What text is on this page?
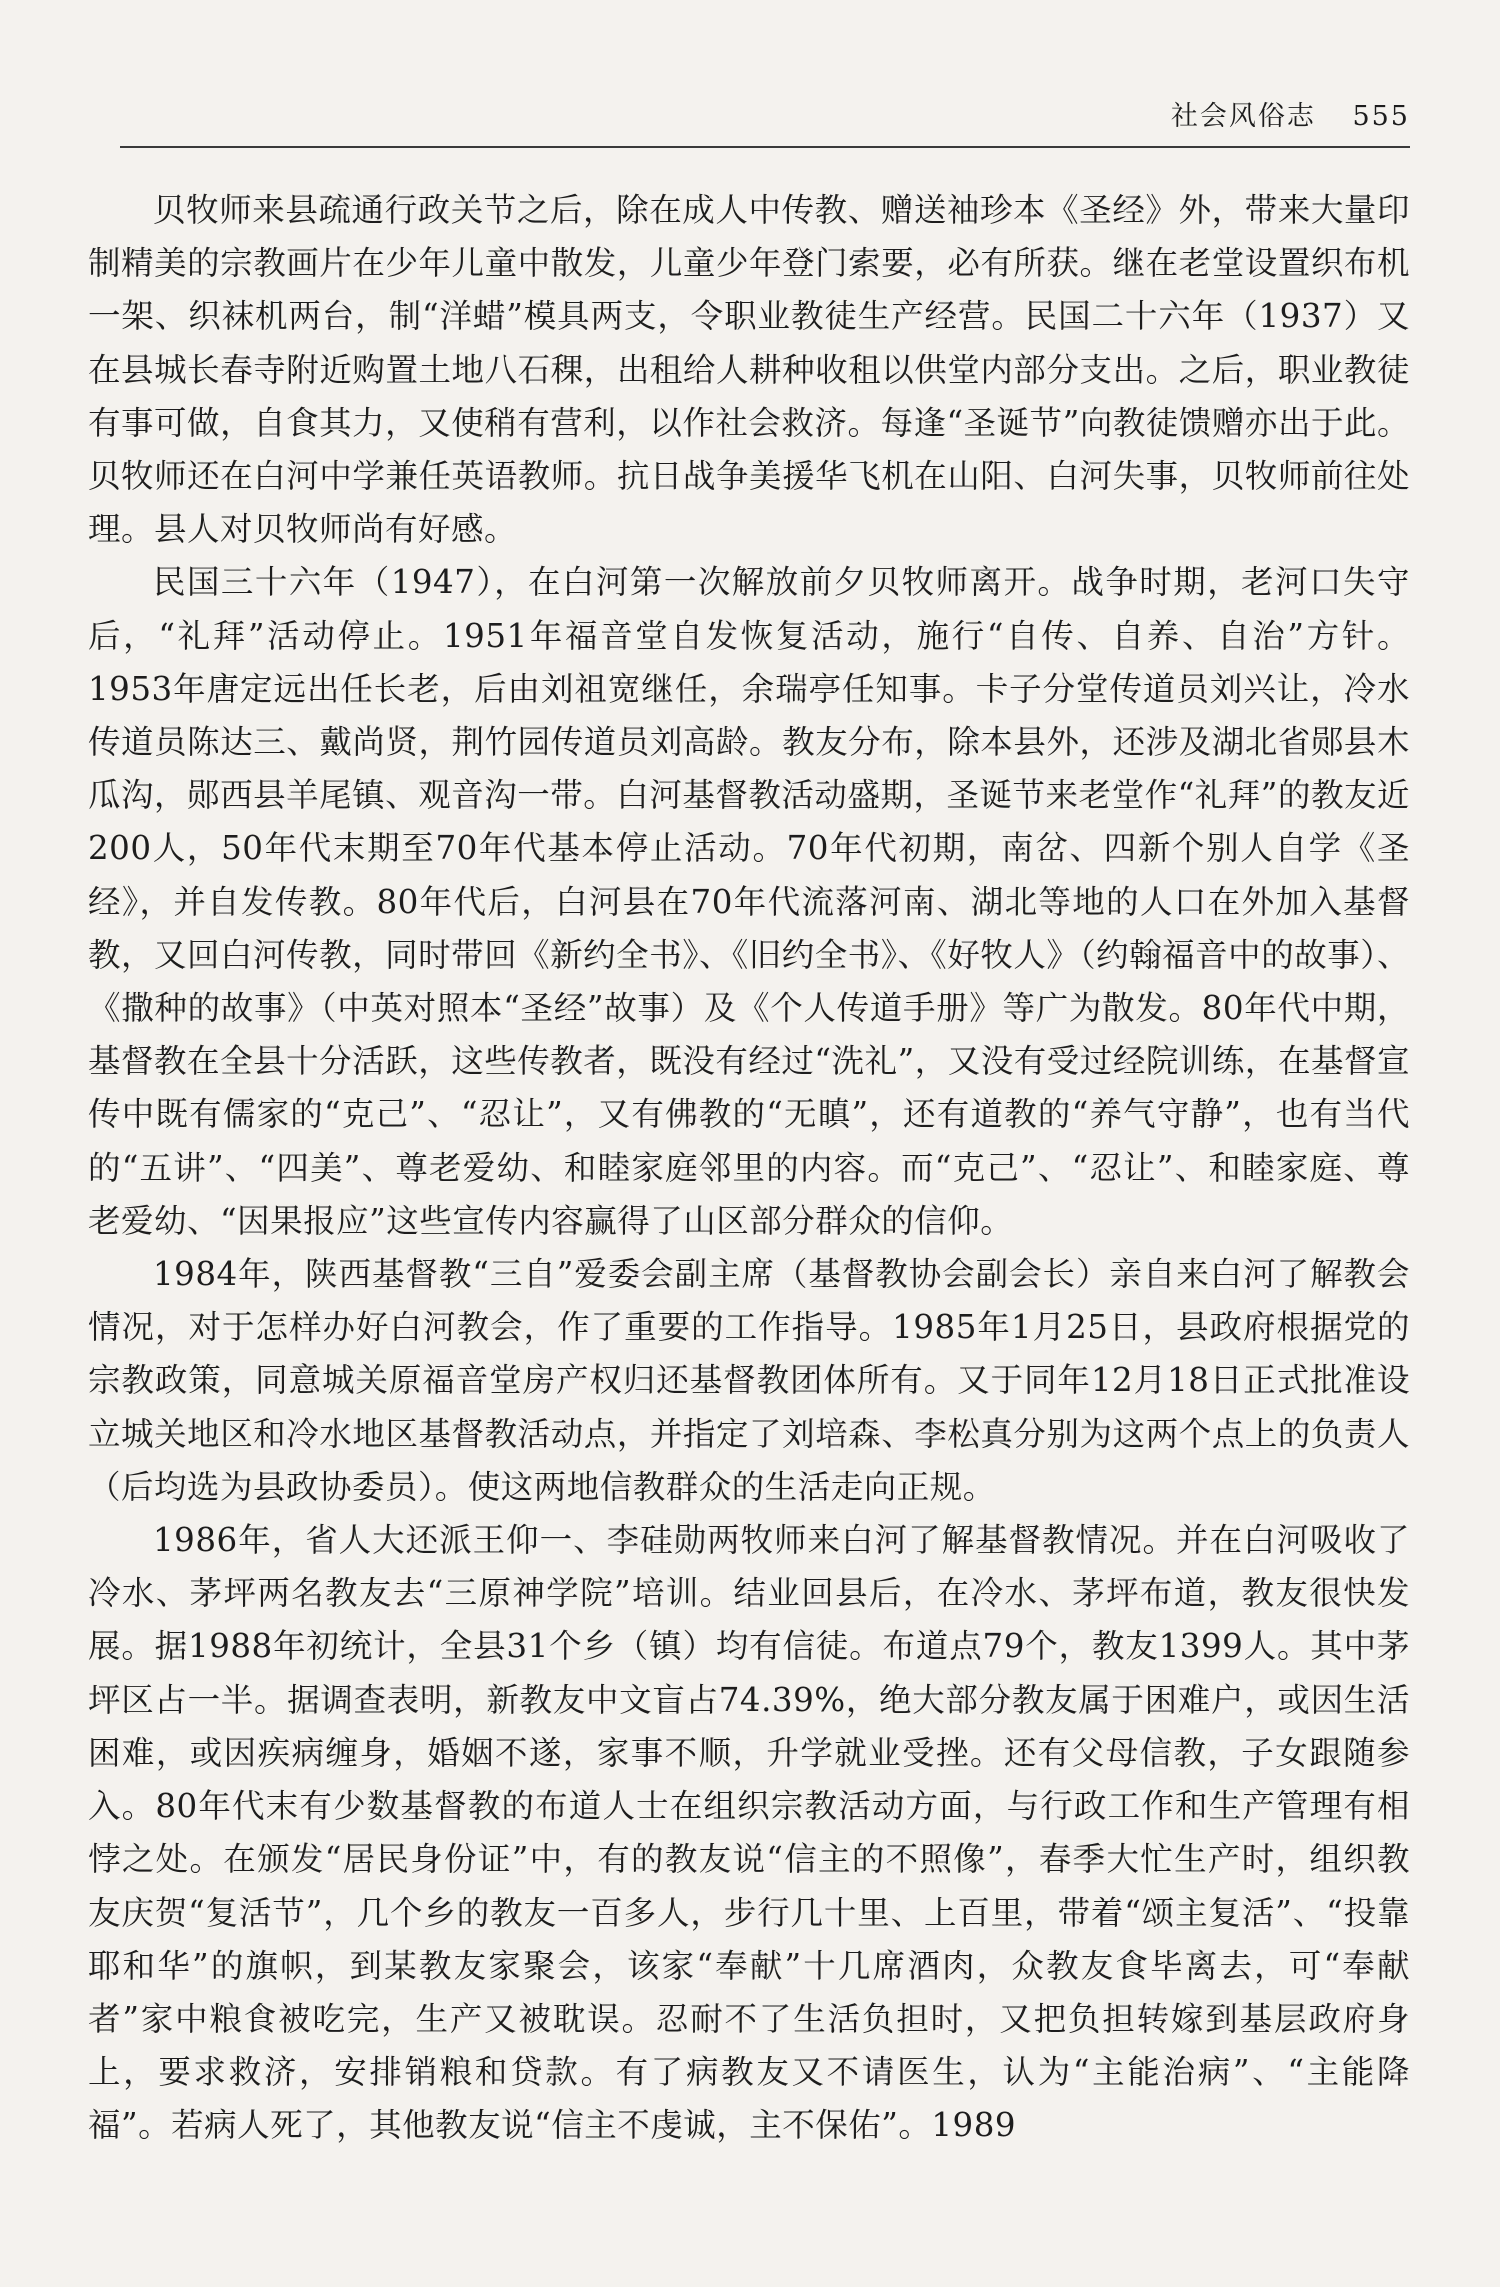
社会风俗志 555

贝牧师来县疏通行政关节之后，除在成人中传教、赠送袖珍本《圣经》外，带来大量印制精美的宗教画片在少年儿童中散发，儿童少年登门索要，必有所获。继在老堂设置织布机一架、织袜机两台，制“洋蜡”模具两支，令职业教徒生产经营。民国二十六年（1937）又在县城长春寺附近购置土地八石稞，出租给人耕种收租以供堂内部分支出。之后，职业教徒有事可做，自食其力，又使稍有营利，以作社会救济。每逢“圣诞节”向教徒馈赠亦出于此。贝牧师还在白河中学兼任英语教师。抗日战争美援华飞机在山阳、白河失事，贝牧师前往处理。县人对贝牧师尚有好感。

民国三十六年（1947），在白河第一次解放前夕贝牧师离开。战争时期，老河口失守后，“礼拜”活动停止。1951年福音堂自发恢复活动，施行“自传、自养、自治”方针。1953年唐定远出任长老，后由刘祖宽继任，余瑞亭任知事。卡子分堂传道员刘兴让，冷水传道员陈达三、戴尚贤，荆竹园传道员刘高龄。教友分布，除本县外，还涉及湖北省郧县木瓜沟，郧西县羊尾镇、观音沟一带。白河基督教活动盛期，圣诞节来老堂作“礼拜”的教友近200人，50年代末期至70年代基本停止活动。70年代初期，南岔、四新个别人自学《圣经》，并自发传教。80年代后，白河县在70年代流落河南、湖北等地的人口在外加入基督教，又回白河传教，同时带回《新约全书》、《旧约全书》、《好牧人》（约翰福音中的故事）、《撒种的故事》（中英对照本“圣经”故事）及《个人传道手册》等广为散发。80年代中期，基督教在全县十分活跃，这些传教者，既没有经过“洗礼”，又没有受过经院训练，在基督宣传中既有儒家的“克己”、“忍让”，又有佛教的“无瞋”，还有道教的“养气守静”，也有当代的“五讲”、“四美”、尊老爱幼、和睦家庭邻里的内容。而“克己”、“忍让”、和睦家庭、尊老爱幼、“因果报应”这些宣传内容赢得了山区部分群众的信仰。

1984年，陕西基督教“三自”爱委会副主席（基督教协会副会长）亲自来白河了解教会情况，对于怎样办好白河教会，作了重要的工作指导。1985年1月25日，县政府根据党的宗教政策，同意城关原福音堂房产权归还基督教团体所有。又于同年12月18日正式批准设立城关地区和冷水地区基督教活动点，并指定了刘培森、李松真分别为这两个点上的负责人（后均选为县政协委员）。使这两地信教群众的生活走向正规。

1986年，省人大还派王仰一、李硅勋两牧师来白河了解基督教情况。并在白河吸收了冷水、茅坪两名教友去“三原神学院”培训。结业回县后，在冷水、茅坪布道，教友很快发展。据1988年初统计，全县31个乡（镇）均有信徒。布道点79个，教友1399人。其中茅坪区占一半。据调查表明，新教友中文盲占74.39%，绝大部分教友属于困难户，或因生活困难，或因疾病缠身，婚姻不遂，家事不顺，升学就业受挫。还有父母信教，子女跟随参入。80年代末有少数基督教的布道人士在组织宗教活动方面，与行政工作和生产管理有相悖之处。在颁发“居民身份证”中，有的教友说“信主的不照像”，春季大忙生产时，组织教友庆贺“复活节”，几个乡的教友一百多人，步行几十里、上百里，带着“颂主复活”、“投靠耶和华”的旗帜，到某教友家聚会，该家“奉献”十几席酒肉，众教友食毕离去，可“奉献者”家中粮食被吃完，生产又被耽误。忍耐不了生活负担时，又把负担转嫁到基层政府身上，要求救济，安排销粮和贷款。有了病教友又不请医生，认为“主能治病”、“主能降福”。若病人死了，其他教友说“信主不虔诚，主不保佑”。1989
